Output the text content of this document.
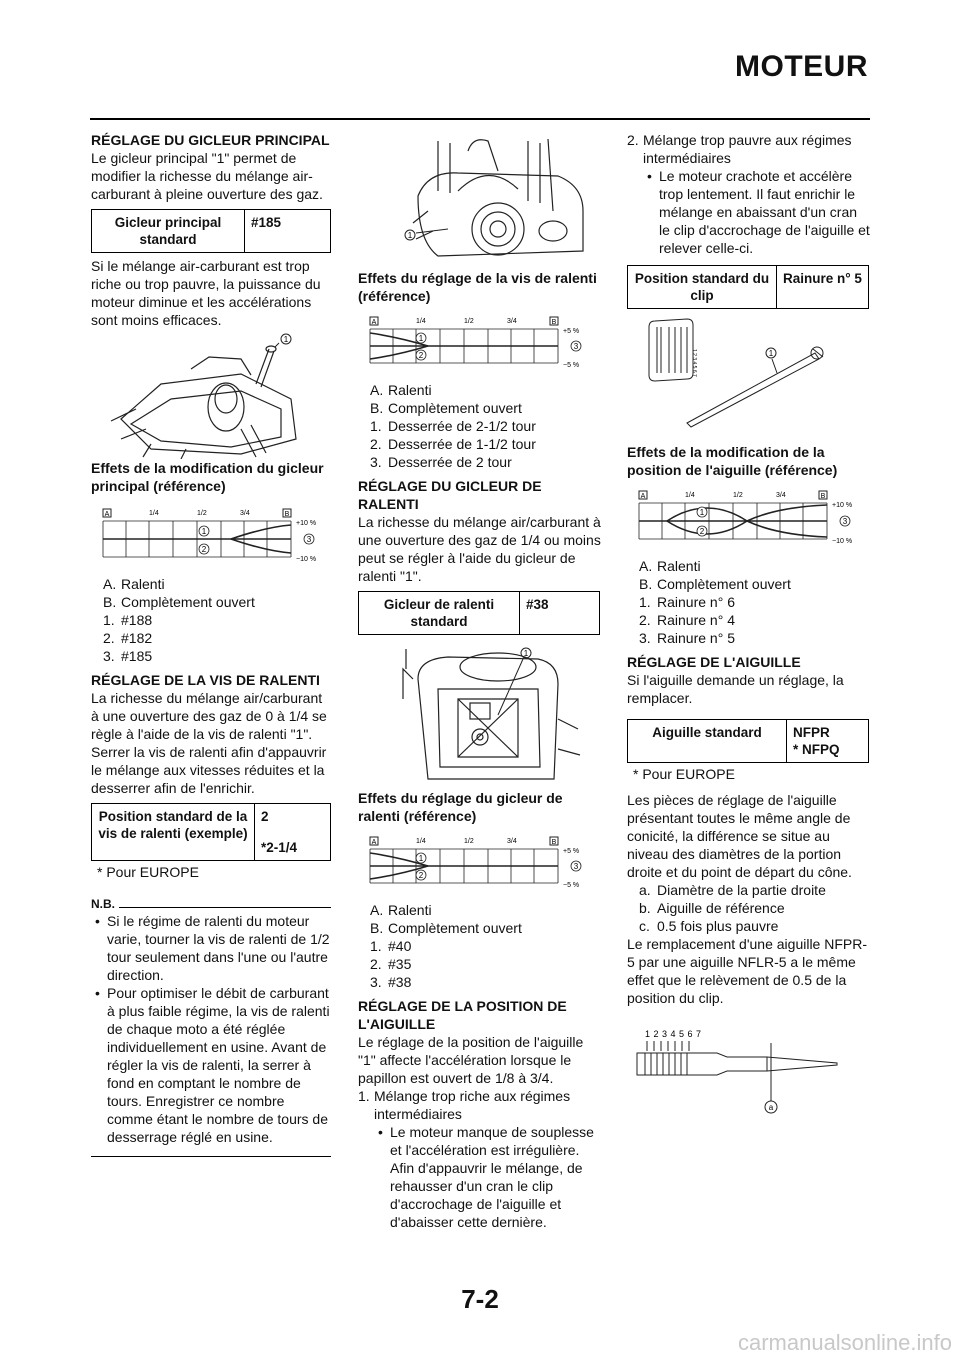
MOTEUR

RÉGLAGE DU GICLEUR PRINCIPAL

Le gicleur principal "1" permet de modifier la richesse du mélange air-carburant à pleine ouverture des gaz.

Gicleur principal standard	#185

Si le mélange air-carburant est trop riche ou trop pauvre, la puissance du moteur diminue et les accélérations sont moins efficaces.

1

Effets de la modification du gicleur principal (référence)

A	B
1/4	1/2	3/4
+10 %
−10 %
1
2
3
A. Ralenti
B. Complètement ouvert
1. #188
2. #182
3. #185

RÉGLAGE DE LA VIS DE RALENTI

La richesse du mélange air/carburant à une ouverture des gaz de 0 à 1/4 se règle à l'aide de la vis de ralenti "1". Serrer la vis de ralenti afin d'appauvrir le mélange aux vitesses réduites et la desserrer afin de l'enrichir.

Position standard de la vis de ralenti (exemple)	
2
*2-1/4

* Pour EUROPE

N.B.
• Si le régime de ralenti du moteur varie, tourner la vis de ralenti de 1/2 tour seulement dans l'une ou l'autre direction.
• Pour optimiser le débit de carburant à plus faible régime, la vis de ralenti de chaque moto a été réglée individuellement en usine. Avant de régler la vis de ralenti, la serrer à fond en comptant le nombre de tours. Enregistrer ce nombre comme étant le nombre de tours de desserrage réglé en usine.
1

Effets du réglage de la vis de ralenti (référence)

A	B
1/4	1/2	3/4
+5 %
−5 %
1
2
3
A. Ralenti
B. Complètement ouvert
1. Desserrée de 2-1/2 tour
2. Desserrée de 1-1/2 tour
3. Desserrée de 2 tour

RÉGLAGE DU GICLEUR DE RALENTI

La richesse du mélange air/carburant à une ouverture des gaz de 1/4 ou moins peut se régler à l'aide du gicleur de ralenti "1".

Gicleur de ralenti standard	#38
1

Effets du réglage du gicleur de ralenti (référence)

A	B
1/4	1/2	3/4
+5 %
−5 %
1
2
3
A. Ralenti
B. Complètement ouvert
1. #40
2. #35
3. #38

RÉGLAGE DE LA POSITION DE L'AIGUILLE

Le réglage de la position de l'aiguille "1" affecte l'accélération lorsque le papillon est ouvert de 1/8 à 3/4.

1. Mélange trop riche aux régimes intermédiaires
• Le moteur manque de souplesse et l'accélération est irrégulière. Afin d'appauvrir le mélange, de rehausser d'un cran le clip d'accrochage de l'aiguille et d'abaisser cette dernière.
2. Mélange trop pauvre aux régimes intermédiaires
• Le moteur crachote et accélère trop lentement. Il faut enrichir le mélange en abaissant d'un cran le clip d'accrochage de l'aiguille et relever celle-ci.
Position standard du clip	Rainure n° 5
1 2 3 4 5 6 7	1

Effets de la modification de la position de l'aiguille (référence)

A	B
1/4	1/2	3/4
+10 %
−10 %
1
2
3
A. Ralenti
B. Complètement ouvert
1. Rainure n° 6
2. Rainure n° 4
3. Rainure n° 5

RÉGLAGE DE L'AIGUILLE

Si l'aiguille demande un réglage, la remplacer.

Aiguille standard	NFPR
* NFPQ

* Pour EUROPE

Les pièces de réglage de l'aiguille présentant toutes le même angle de conicité, la différence se situe au niveau des diamètres de la portion droite et du point de départ du cône.

a. Diamètre de la partie droite
b. Aiguille de référence
c. 0.5 fois plus pauvre

Le remplacement d'une aiguille NFPR-5 par une aiguille NFLR-5 a le même effet que le relèvement de 0.5 de la position du clip.

1 2 3 4 5 6 7
a
7-2
carmanualsonline.info
